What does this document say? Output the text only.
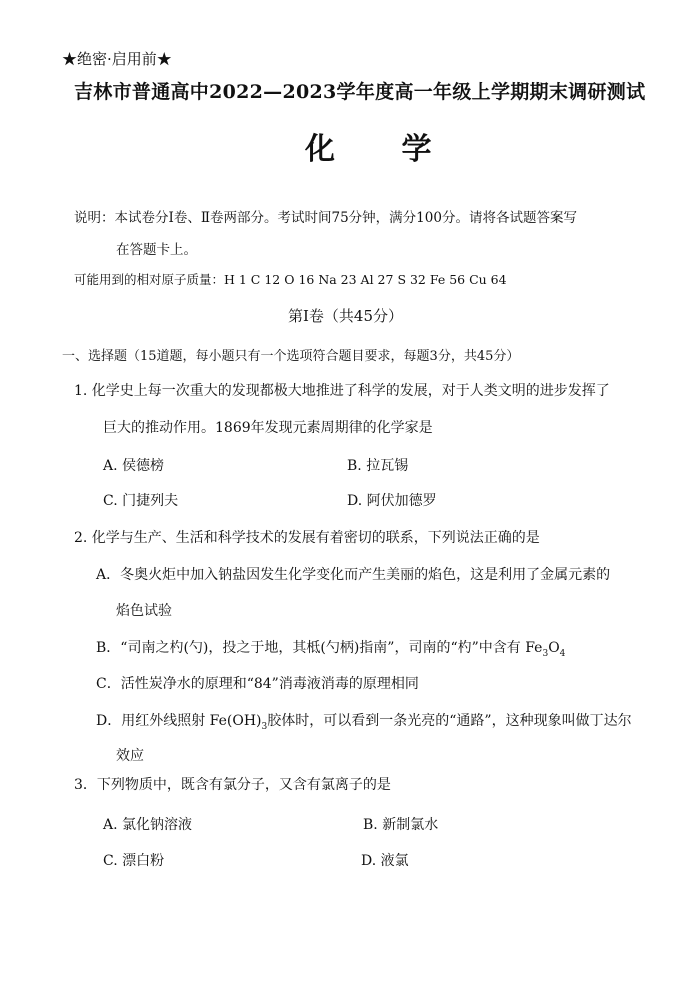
★绝密·启用前★
吉林市普通高中2022—2023学年度高一年级上学期期末调研测试
化 学
说明：本试卷分Ⅰ卷、Ⅱ卷两部分。考试时间75分钟，满分100分。请将各试题答案写
在答题卡上。
可能用到的相对原子质量：H 1 C 12 O 16 Na 23 Al 27 S 32 Fe 56 Cu 64
第Ⅰ卷（共45分）
一、选择题（15道题，每小题只有一个选项符合题目要求，每题3分，共45分）
1. 化学史上每一次重大的发现都极大地推进了科学的发展，对于人类文明的进步发挥了
巨大的推动作用。1869年发现元素周期律的化学家是
A. 侯德榜	B. 拉瓦锡
C. 门捷列夫	D. 阿伏加德罗
2. 化学与生产、生活和科学技术的发展有着密切的联系，下列说法正确的是
A．冬奥火炬中加入钠盐因发生化学变化而产生美丽的焰色，这是利用了金属元素的
焰色试验
B．“司南之杓(勺)，投之于地，其柢(勺柄)指南”，司南的“杓”中含有 $Fe_3O_4$
C．活性炭净水的原理和“84”消毒液消毒的原理相同
D．用红外线照射 $Fe(OH)_3$胶体时，可以看到一条光亮的“通路”，这种现象叫做丁达尔
效应
3．下列物质中，既含有氯分子，又含有氯离子的是
A. 氯化钠溶液	B. 新制氯水
C. 漂白粉	D. 液氯
